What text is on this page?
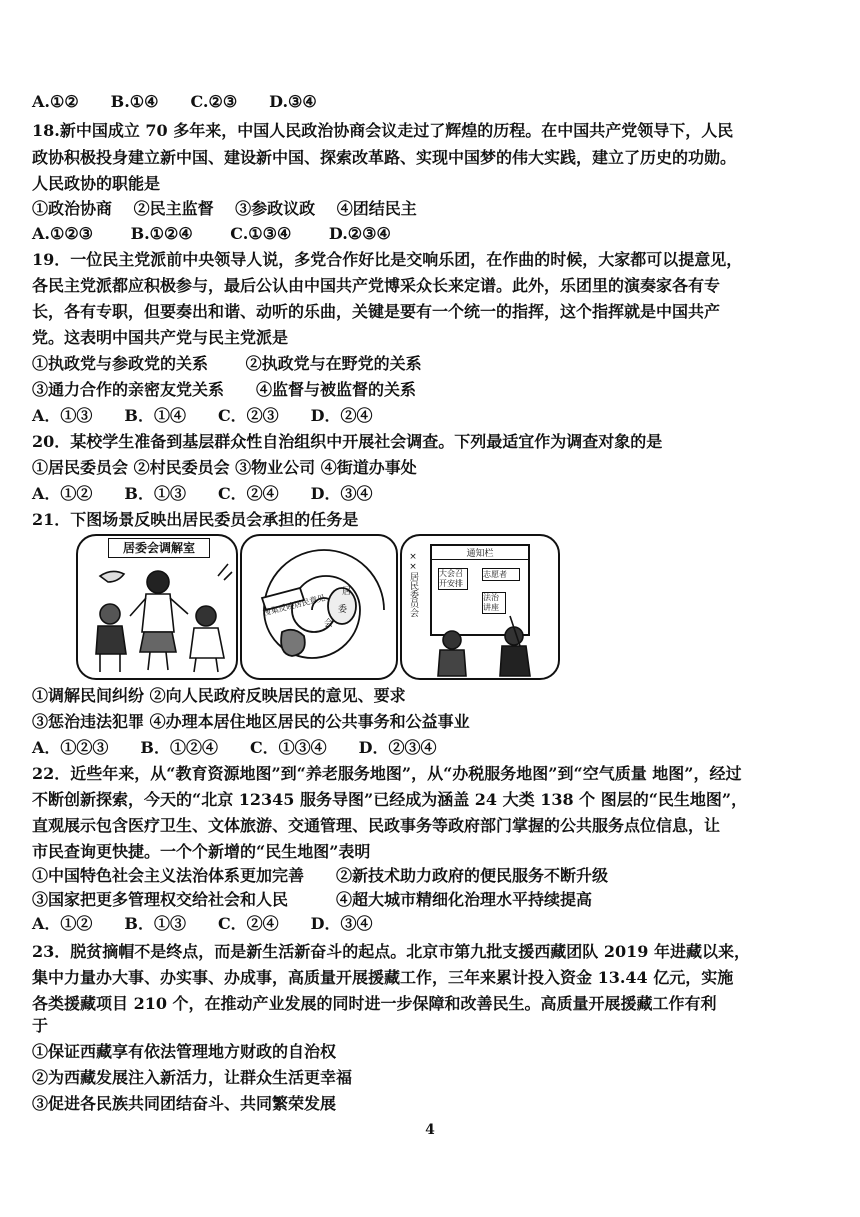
A.①②　　B.①④　　C.②③　　D.③④
18.新中国成立 70 多年来，中国人民政治协商会议走过了辉煌的历程。在中国共产党领导下，人民
政协积极投身建立新中国、建设新中国、探索改革路、实现中国梦的伟大实践，建立了历史的功勋。
人民政协的职能是
①政治协商　 ②民主监督　 ③参政议政　 ④团结民主
A.①②③　　 B.①②④　　 C.①③④　　 D.②③④
19．一位民主党派前中央领导人说，多党合作好比是交响乐团，在作曲的时候，大家都可以提意见，
各民主党派都应积极参与，最后公认由中国共产党博采众长来定谱。此外，乐团里的演奏家各有专
长，各有专职，但要奏出和谐、动听的乐曲，关键是要有一个统一的指挥，这个指挥就是中国共产
党。这表明中国共产党与民主党派是
①执政党与参政党的关系　　 ②执政党与在野党的关系
③通力合作的亲密友党关系　　④监督与被监督的关系
A．①③　　B．①④　　C．②③　　D．②④
20．某校学生准备到基层群众性自治组织中开展社会调查。下列最适宜作为调查对象的是
①居民委员会 ②村民委员会 ③物业公司 ④街道办事处
A．①②　　B．①③　　C．②④　　D．③④
21．下图场景反映出居民委员会承担的任务是
居委会调解室
居
委
会
搜集反映居民意见	××居民委员会	通知栏
大会召开安排
志愿者
法治讲座
①调解民间纠纷 ②向人民政府反映居民的意见、要求
③惩治违法犯罪 ④办理本居住地区居民的公共事务和公益事业
A．①②③　　B．①②④　　C．①③④　　D．②③④
22．近些年来，从“教育资源地图”到“养老服务地图”，从“办税服务地图”到“空气质量 地图”，经过
不断创新探索，今天的“北京 12345 服务导图”已经成为涵盖 24 大类 138 个 图层的“民生地图”，
直观展示包含医疗卫生、文体旅游、交通管理、民政事务等政府部门掌握的公共服务点位信息，让
市民查询更快捷。一个个新增的“民生地图”表明
①中国特色社会主义法治体系更加完善　　②新技术助力政府的便民服务不断升级
③国家把更多管理权交给社会和人民　　　④超大城市精细化治理水平持续提高
A．①②　　B．①③　　C．②④　　D．③④
23．脱贫摘帽不是终点，而是新生活新奋斗的起点。北京市第九批支援西藏团队 2019 年进藏以来，
集中力量办大事、办实事、办成事，高质量开展援藏工作，三年来累计投入资金 13.44 亿元，实施
各类援藏项目 210 个，在推动产业发展的同时进一步保障和改善民生。高质量开展援藏工作有利
于
①保证西藏享有依法管理地方财政的自治权
②为西藏发展注入新活力，让群众生活更幸福
③促进各民族共同团结奋斗、共同繁荣发展
4
